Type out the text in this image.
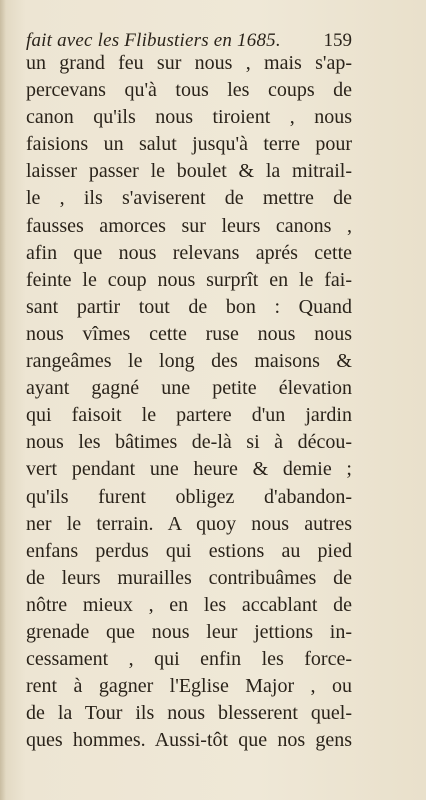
fait avec les Flibustiers en 1685. 159
un grand feu sur nous , mais s'ap-
percevans qu'à tous les coups de
canon qu'ils nous tiroient , nous
faisions un salut jusqu'à terre pour
laisser passer le boulet & la mitrail-
le , ils s'aviserent de mettre de
fausses amorces sur leurs canons ,
afin que nous relevans aprés cette
feinte le coup nous surprît en le fai-
sant partir tout de bon : Quand
nous vîmes cette ruse nous nous
rangeâmes le long des maisons &
ayant gagné une petite élevation
qui faisoit le partere d'un jardin
nous les bâtimes de-là si à décou-
vert pendant une heure & demie ;
qu'ils furent obligez d'abandon-
ner le terrain. A quoy nous autres
enfans perdus qui estions au pied
de leurs murailles contribuâmes de
nôtre mieux , en les accablant de
grenade que nous leur jettions in-
cessament , qui enfin les force-
rent à gagner l'Eglise Major , ou
de la Tour ils nous blesserent quel-
ques hommes. Aussi-tôt que nos gens
